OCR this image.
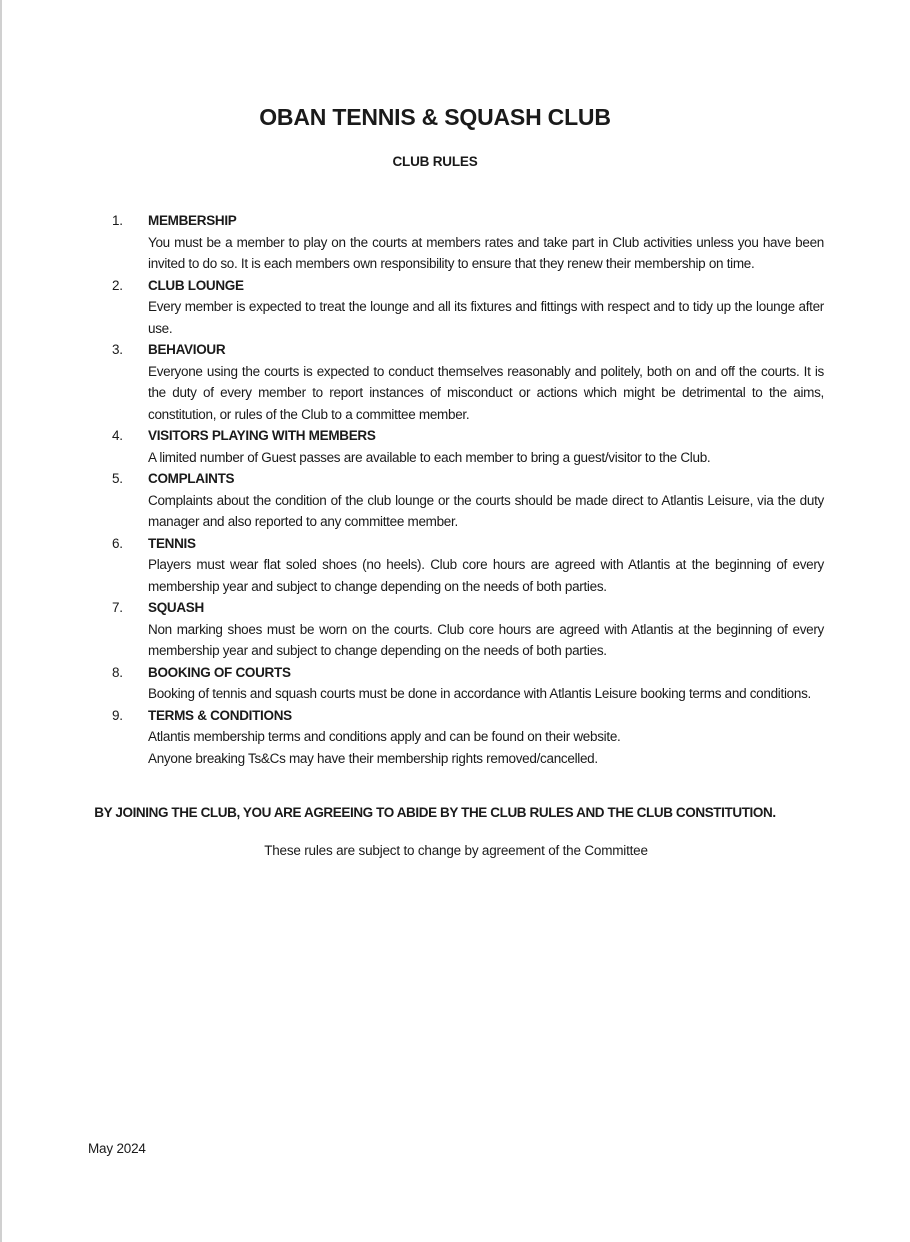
OBAN TENNIS & SQUASH CLUB
CLUB RULES
1. MEMBERSHIP

You must be a member to play on the courts at members rates and take part in Club activities unless you have been invited to do so. It is each members own responsibility to ensure that they renew their membership on time.

2. CLUB LOUNGE

Every member is expected to treat the lounge and all its fixtures and fittings with respect and to tidy up the lounge after use.

3. BEHAVIOUR

Everyone using the courts is expected to conduct themselves reasonably and politely, both on and off the courts. It is the duty of every member to report instances of misconduct or actions which might be detrimental to the aims, constitution, or rules of the Club to a committee member.

4. VISITORS PLAYING WITH MEMBERS

A limited number of Guest passes are available to each member to bring a guest/visitor to the Club.

5. COMPLAINTS

Complaints about the condition of the club lounge or the courts should be made direct to Atlantis Leisure, via the duty manager and also reported to any committee member.

6. TENNIS

Players must wear flat soled shoes (no heels). Club core hours are agreed with Atlantis at the beginning of every membership year and subject to change depending on the needs of both parties.

7. SQUASH

Non marking shoes must be worn on the courts. Club core hours are agreed with Atlantis at the beginning of every membership year and subject to change depending on the needs of both parties.

8. BOOKING OF COURTS

Booking of tennis and squash courts must be done in accordance with Atlantis Leisure booking terms and conditions.

9. TERMS & CONDITIONS

Atlantis membership terms and conditions apply and can be found on their website.

Anyone breaking Ts&Cs may have their membership rights removed/cancelled.

BY JOINING THE CLUB, YOU ARE AGREEING TO ABIDE BY THE CLUB RULES AND THE CLUB CONSTITUTION.

These rules are subject to change by agreement of the Committee

May 2024
